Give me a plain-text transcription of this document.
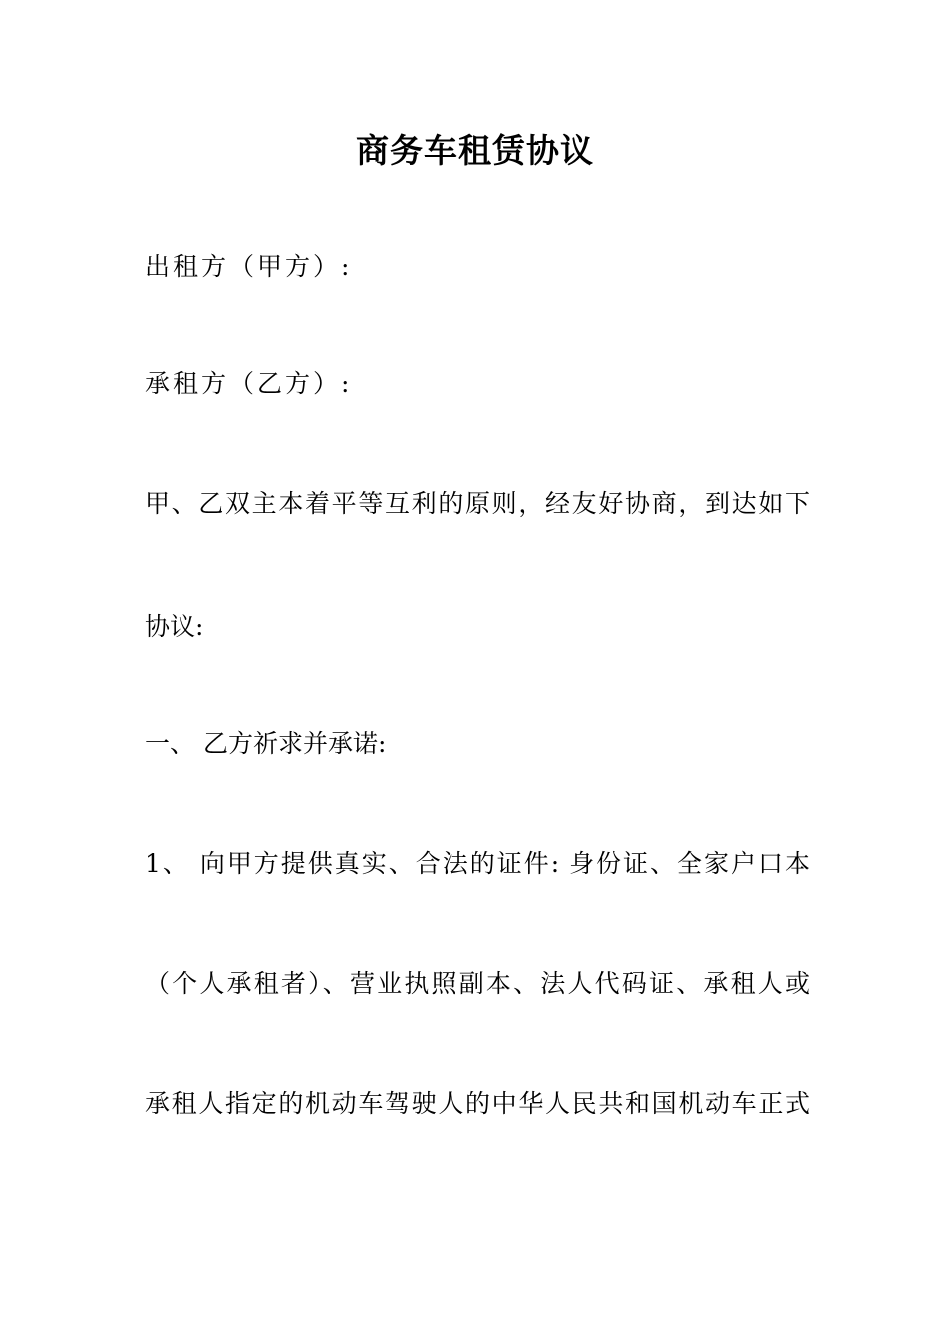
商务车租赁协议

出租方（甲方）:

承租方（乙方）:

甲、乙双主本着平等互利的原则，经友好协商，到达如下

协议:

一、 乙方祈求并承诺:

1、 向甲方提供真实、合法的证件: 身份证、全家户口本

（个人承租者）、营业执照副本、法人代码证、承租人或

承租人指定的机动车驾驶人的中华人民共和国机动车正式
